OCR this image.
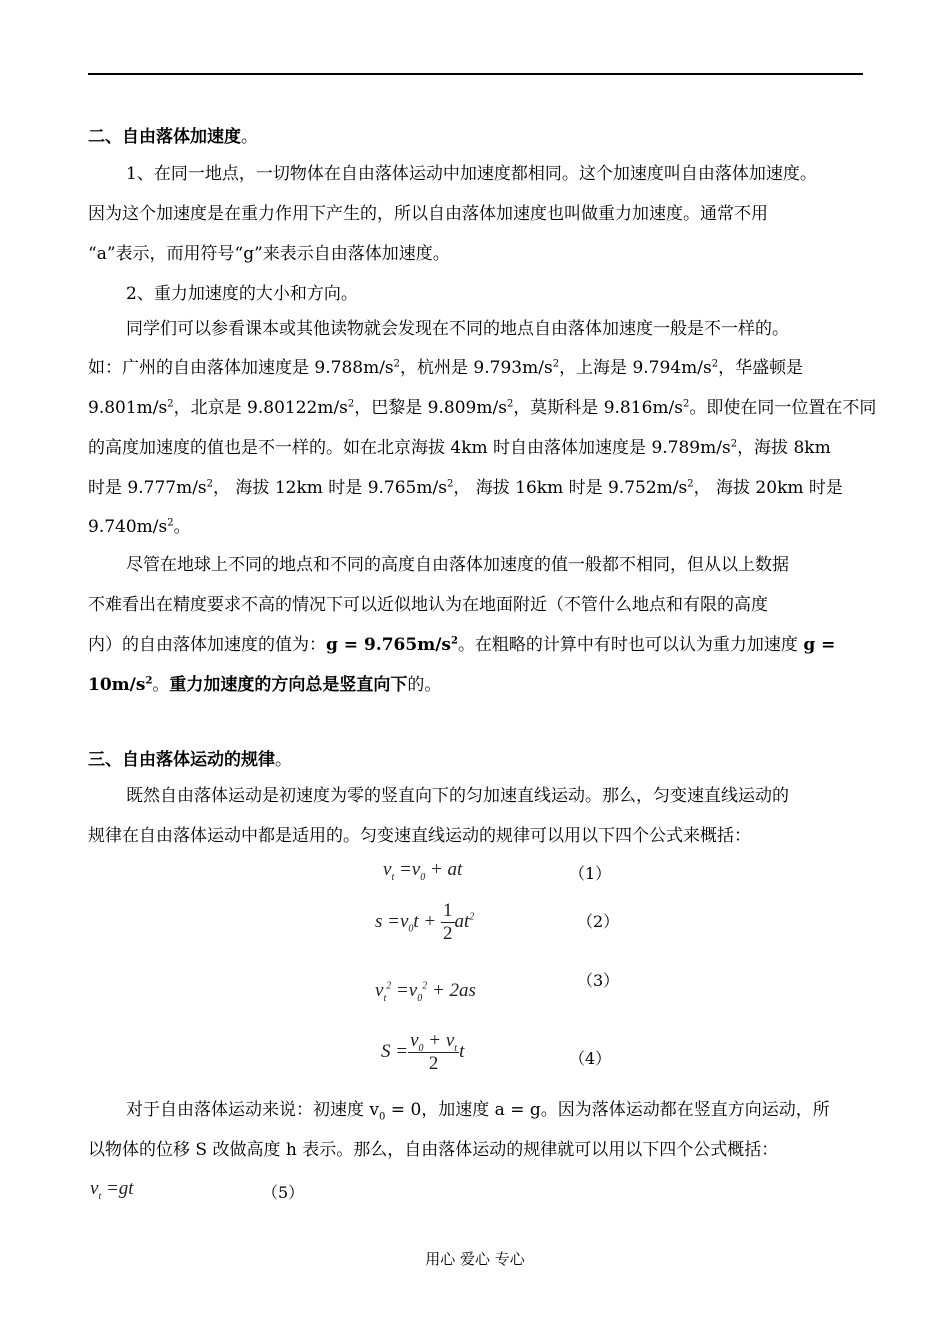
二、自由落体加速度。
1、在同一地点，一切物体在自由落体运动中加速度都相同。这个加速度叫自由落体加速度。
因为这个加速度是在重力作用下产生的，所以自由落体加速度也叫做重力加速度。通常不用
“a”表示，而用符号“g”来表示自由落体加速度。
2、重力加速度的大小和方向。
同学们可以参看课本或其他读物就会发现在不同的地点自由落体加速度一般是不一样的。
如：广州的自由落体加速度是 $9.788m/s^2$，杭州是 $9.793m/s^2$，上海是 $9.794m/s^2$，华盛顿是
$9.801m/s^2$，北京是 $9.80122m/s^2$，巴黎是 $9.809m/s^2$，莫斯科是 $9.816m/s^2$。即使在同一位置在不同
的高度加速度的值也是不一样的。如在北京海拔 4km 时自由落体加速度是 $9.789m/s^2$，海拔 8km
时是 $9.777m/s^2$， 海拔 12km 时是 $9.765m/s^2$， 海拔 16km 时是 $9.752m/s^2$， 海拔 20km 时是
$9.740m/s^2$。
尽管在地球上不同的地点和不同的高度自由落体加速度的值一般都不相同，但从以上数据
不难看出在精度要求不高的情况下可以近似地认为在地面附近（不管什么地点和有限的高度
内）的自由落体加速度的值为：$g = 9.765m/s^2$。在粗略的计算中有时也可以认为重力加速度 g =
$10m/s^2$。重力加速度的方向总是竖直向下的。
三、自由落体运动的规律。
既然自由落体运动是初速度为零的竖直向下的匀加速直线运动。那么，匀变速直线运动的
规律在自由落体运动中都是适用的。匀变速直线运动的规律可以用以下四个公式来概括：
$v_t =v_0$ + at	（1）
$s =v_0t + \frac{1}{2} at^2$	（2）
$v_t^2 =v_0^2 + 2as$	（3）
$S = \frac{v_0 + v_t}{2}$ t	（4）
对于自由落体运动来说：初速度 $v_0 = 0$，加速度 a = g。因为落体运动都在竖直方向运动，所
以物体的位移 S 改做高度 h 表示。那么，自由落体运动的规律就可以用以下四个公式概括：
$v_t =gt$	（5）
用心 爱心 专心
